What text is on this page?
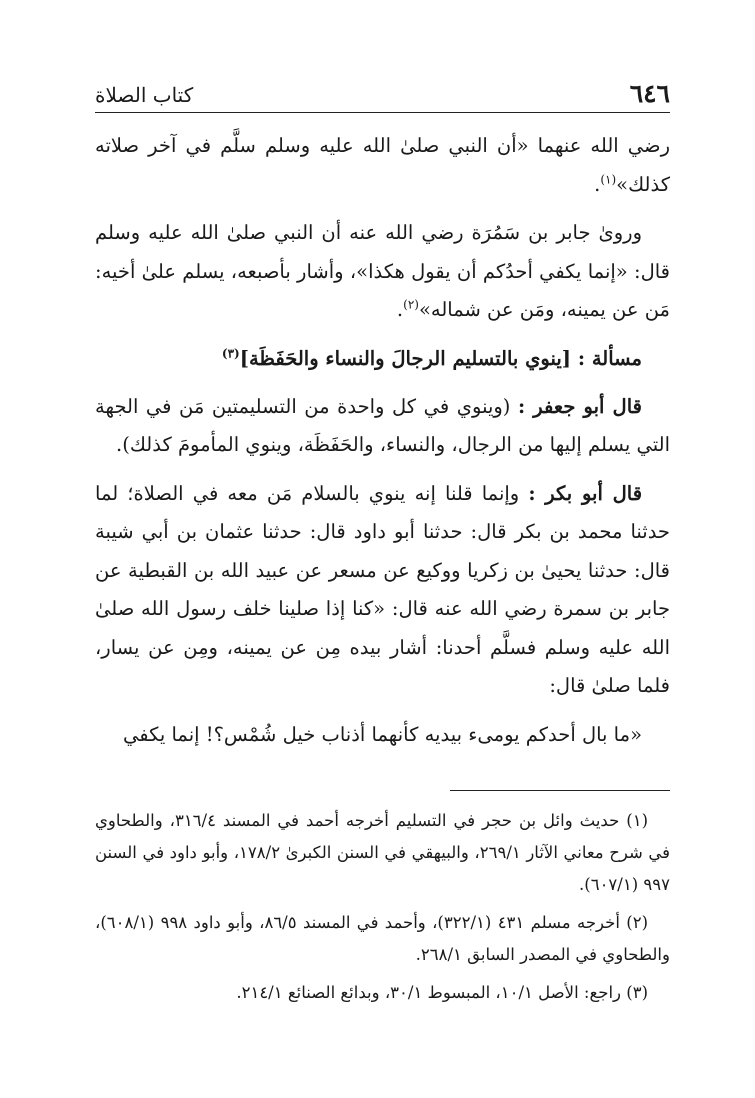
٦٤٦
كتاب الصلاة

رضي الله عنهما «أن النبي صلىٰ الله عليه وسلم سلَّم في آخر صلاته كذلك»$^{(١)}$.

ورویٰ جابر بن سَمُرَة رضي الله عنه أن النبي صلىٰ الله عليه وسلم قال: «إنما يكفي أحدُكم أن يقول هكذا»، وأشار بأصبعه، يسلم علىٰ أخيه: مَن عن يمينه، ومَن عن شماله»$^{(٢)}$.

مسألة : [ينوي بالتسليم الرجالَ والنساء والحَفَظَة]$^{(٣)}$

قال أبو جعفر : (وينوي في كل واحدة من التسليمتين مَن في الجهة التي يسلم إليها من الرجال، والنساء، والحَفَظَة، وينوي المأمومَ كذلك).

قال أبو بكر : وإنما قلنا إنه ينوي بالسلام مَن معه في الصلاة؛ لما حدثنا محمد بن بكر قال: حدثنا أبو داود قال: حدثنا عثمان بن أبي شيبة قال: حدثنا يحيىٰ بن زكريا ووكيع عن مسعر عن عبيد الله بن القبطية عن جابر بن سمرة رضي الله عنه قال: «كنا إذا صلينا خلف رسول الله صلىٰ الله عليه وسلم فسلَّم أحدنا: أشار بيده مِن عن يمينه، ومِن عن يسار، فلما صلىٰ قال:

«ما بال أحدكم يومىء بيديه كأنهما أذناب خيل شُمْس؟! إنما يكفي

(١) حديث وائل بن حجر في التسليم أخرجه أحمد في المسند ٣١٦/٤، والطحاوي في شرح معاني الآثار ٢٦٩/١، والبيهقي في السنن الكبرىٰ ١٧٨/٢، وأبو داود في السنن ٩٩٧ (٦٠٧/١).

(٢) أخرجه مسلم ٤٣١ (٣٢٢/١)، وأحمد في المسند ٨٦/٥، وأبو داود ٩٩٨ (٦٠٨/١)، والطحاوي في المصدر السابق ٢٦٨/١.

(٣) راجع: الأصل ١٠/١، المبسوط ٣٠/١، وبدائع الصنائع ٢١٤/١.
